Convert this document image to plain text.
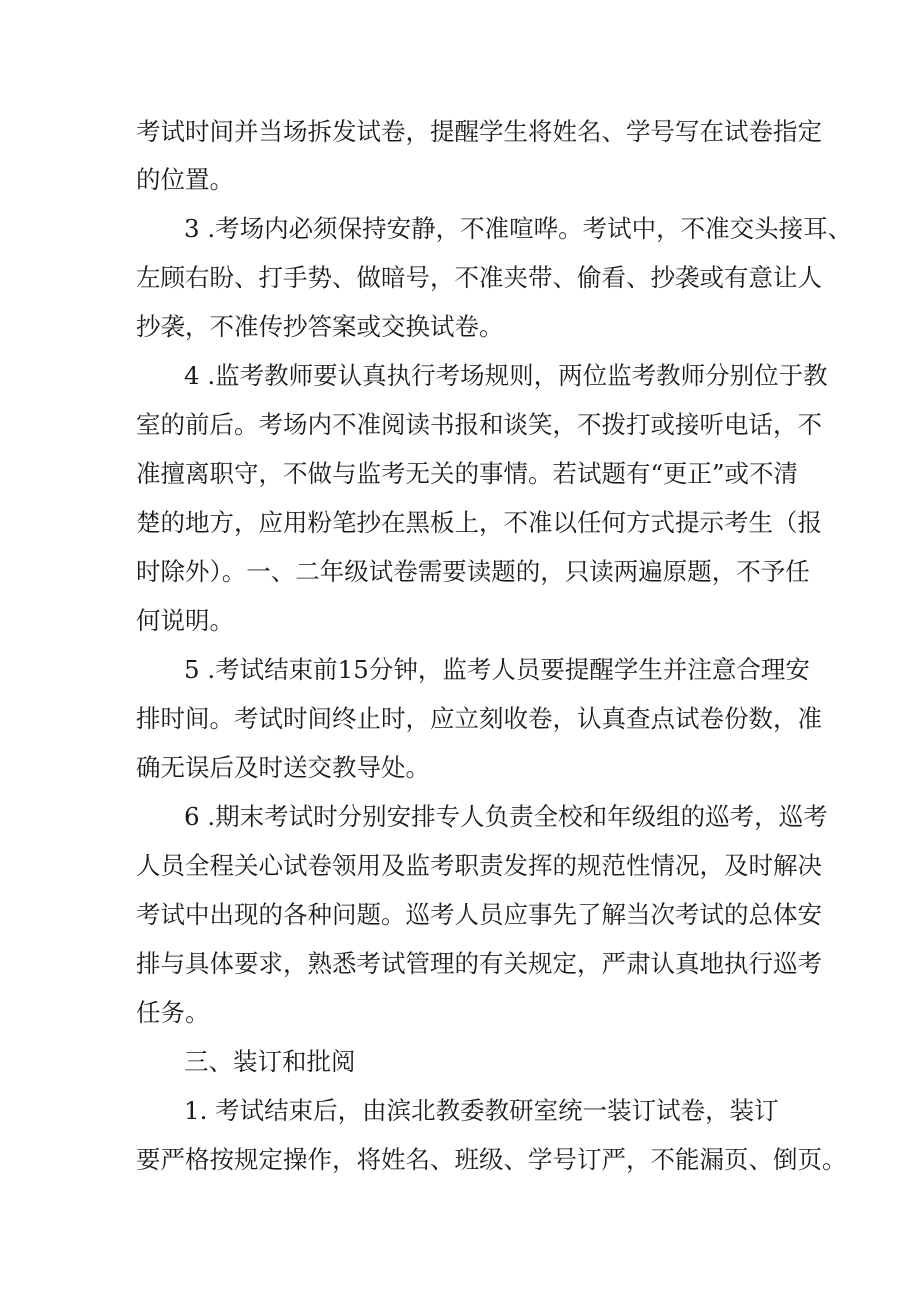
考试时间并当场拆发试卷，提醒学生将姓名、学号写在试卷指定
的位置。
3 .考场内必须保持安静，不准喧哗。考试中，不准交头接耳、
左顾右盼、打手势、做暗号，不准夹带、偷看、抄袭或有意让人
抄袭，不准传抄答案或交换试卷。
4 .监考教师要认真执行考场规则，两位监考教师分别位于教
室的前后。考场内不准阅读书报和谈笑，不拨打或接听电话，不
准擅离职守，不做与监考无关的事情。若试题有“更正”或不清
楚的地方，应用粉笔抄在黑板上，不准以任何方式提示考生（报
时除外）。一、二年级试卷需要读题的，只读两遍原题，不予任
何说明。
5 .考试结束前15分钟，监考人员要提醒学生并注意合理安
排时间。考试时间终止时，应立刻收卷，认真查点试卷份数，准
确无误后及时送交教导处。
6 .期末考试时分别安排专人负责全校和年级组的巡考，巡考
人员全程关心试卷领用及监考职责发挥的规范性情况，及时解决
考试中出现的各种问题。巡考人员应事先了解当次考试的总体安
排与具体要求，熟悉考试管理的有关规定，严肃认真地执行巡考
任务。
三、装订和批阅
1. 考试结束后，由滨北教委教研室统一装订试卷，装订
要严格按规定操作，将姓名、班级、学号订严，不能漏页、倒页。
